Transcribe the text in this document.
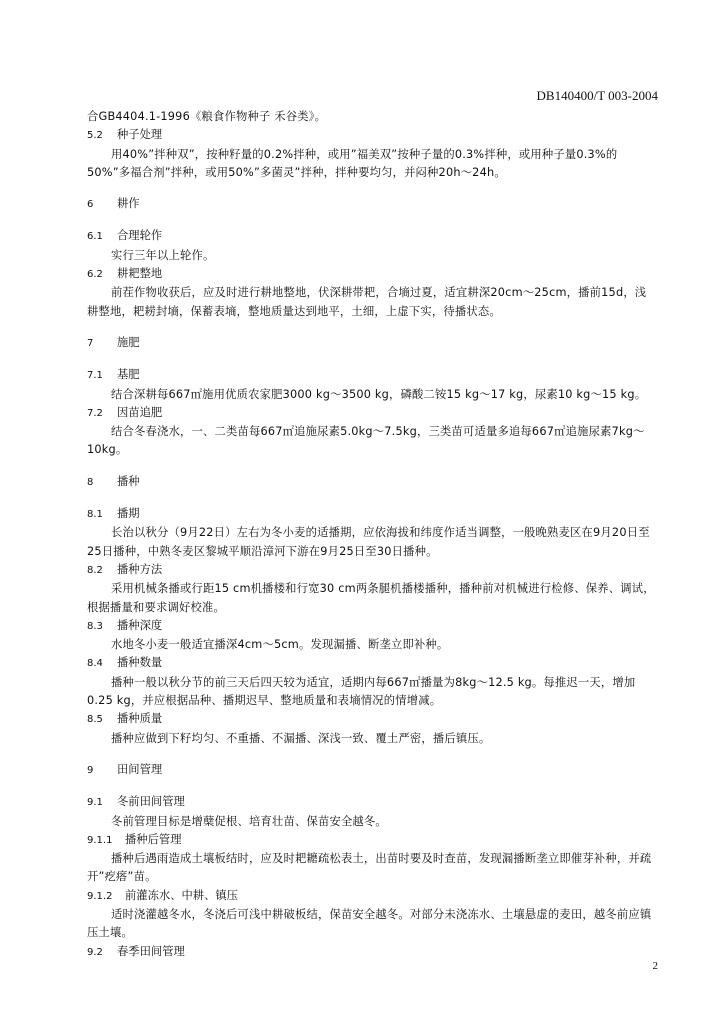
DB140400/T 003-2004
合GB4404.1-1996《粮食作物种子 禾谷类》。
5.2 种子处理
用40%”拌种双”，按种籽量的0.2%拌种，或用”福美双”按种子量的0.3%拌种，或用种子量0.3%的50%”多福合剂”拌种，或用50%”多菌灵”拌种，拌种要均匀，并闷种20h～24h。
6 耕作
6.1 合理轮作
实行三年以上轮作。
6.2 耕耙整地
前茬作物收获后，应及时进行耕地整地，伏深耕带耙，合墒过夏，适宜耕深20cm～25cm，播前15d，浅耕整地，耙耢封墒，保蓄表墒，整地质量达到地平，土细，上虚下实，待播状态。
7 施肥
7.1 基肥
结合深耕每667㎡施用优质农家肥3000 kg～3500 kg，磷酸二铵15 kg～17 kg，尿素10 kg～15 kg。
7.2 因苗追肥
结合冬春浇水，一、二类苗每667㎡追施尿素5.0kg～7.5kg，三类苗可适量多追每667㎡追施尿素7kg～10kg。
8 播种
8.1 播期
长治以秋分（9月22日）左右为冬小麦的适播期，应依海拔和纬度作适当调整，一般晚熟麦区在9月20日至25日播种，中熟冬麦区黎城平顺沿漳河下游在9月25日至30日播种。
8.2 播种方法
采用机械条播或行距15 cm机播楼和行宽30 cm两条腿机播楼播种，播种前对机械进行检修、保养、调试，根据播量和要求调好校准。
8.3 播种深度
水地冬小麦一般适宜播深4cm～5cm。发现漏播、断垄立即补种。
8.4 播种数量
播种一般以秋分节的前三天后四天较为适宜，适期内每667㎡播量为8kg～12.5 kg。每推迟一天，增加0.25 kg，并应根据品种、播期迟早、整地质量和表墒情况的情增减。
8.5 播种质量
播种应做到下籽均匀、不重播、不漏播、深浅一致、覆土严密，播后镇压。
9 田间管理
9.1 冬前田间管理
冬前管理目标是增蘖促根、培育壮苗、保苗安全越冬。
9.1.1 播种后管理
播种后遇雨造成土壤板结时，应及时耙耱疏松表土，出苗时要及时查苗，发现漏播断垄立即催芽补种，并疏开”疙瘩”苗。
9.1.2 前灌冻水、中耕、镇压
适时浇灌越冬水，冬浇后可浅中耕破板结，保苗安全越冬。对部分未浇冻水、土壤悬虚的麦田，越冬前应镇压土壤。
9.2 春季田间管理
2
